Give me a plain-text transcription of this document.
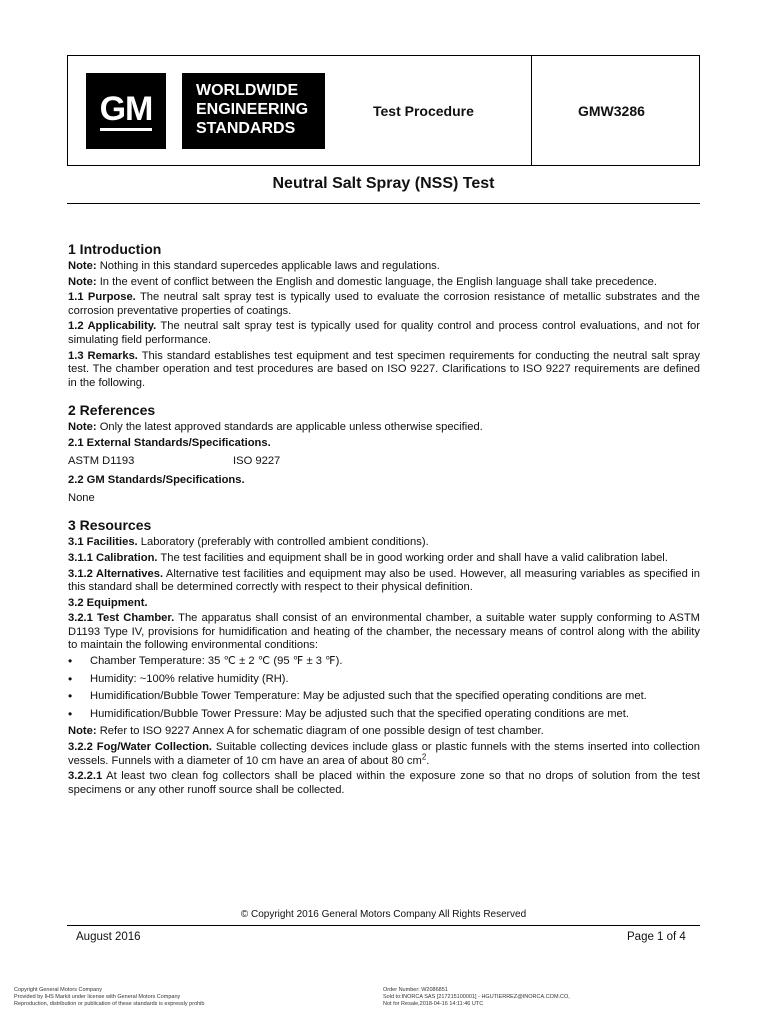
GM	WORLDWIDE
ENGINEERING
STANDARDS
Test Procedure	GMW3286
Neutral Salt Spray (NSS) Test
1 Introduction

Note: Nothing in this standard supercedes applicable laws and regulations.

Note: In the event of conflict between the English and domestic language, the English language shall take precedence.

1.1 Purpose. The neutral salt spray test is typically used to evaluate the corrosion resistance of metallic substrates and the corrosion preventative properties of coatings.

1.2 Applicability. The neutral salt spray test is typically used for quality control and process control evaluations, and not for simulating field performance.

1.3 Remarks. This standard establishes test equipment and test specimen requirements for conducting the neutral salt spray test. The chamber operation and test procedures are based on ISO 9227. Clarifications to ISO 9227 requirements are defined in the following.

2 References

Note: Only the latest approved standards are applicable unless otherwise specified.

2.1 External Standards/Specifications.

ASTM D1193	ISO 9227

2.2 GM Standards/Specifications.

None
3 Resources

3.1 Facilities. Laboratory (preferably with controlled ambient conditions).

3.1.1 Calibration. The test facilities and equipment shall be in good working order and shall have a valid calibration label.

3.1.2 Alternatives. Alternative test facilities and equipment may also be used. However, all measuring variables as specified in this standard shall be determined correctly with respect to their physical definition.

3.2 Equipment.

3.2.1 Test Chamber. The apparatus shall consist of an environmental chamber, a suitable water supply conforming to ASTM D1193 Type IV, provisions for humidification and heating of the chamber, the necessary means of control along with the ability to maintain the following environmental conditions:

• Chamber Temperature: 35 ℃ ± 2 ℃ (95 ℉ ± 3 ℉).
• Humidity: ~100% relative humidity (RH).
• Humidification/Bubble Tower Temperature: May be adjusted such that the specified operating conditions are met.
• Humidification/Bubble Tower Pressure: May be adjusted such that the specified operating conditions are met.

Note: Refer to ISO 9227 Annex A for schematic diagram of one possible design of test chamber.

3.2.2 Fog/Water Collection. Suitable collecting devices include glass or plastic funnels with the stems inserted into collection vessels. Funnels with a diameter of 10 cm have an area of about 80 $cm^2$.

3.2.2.1 At least two clean fog collectors shall be placed within the exposure zone so that no drops of solution from the test specimens or any other runoff source shall be collected.

© Copyright 2016 General Motors Company All Rights Reserved
August 2016	Page 1 of 4
Copyright General Motors Company
Provided by IHS Markit under license with General Motors Company
Reproduction, distribution or publication of these standards is expressly prohib
Order Number: W2086851
Sold to:INORCA SAS [217215100001] - HGUTIERREZ@INORCA.COM.CO,
Not for Resale,2018-04-16 14:11:46 UTC
